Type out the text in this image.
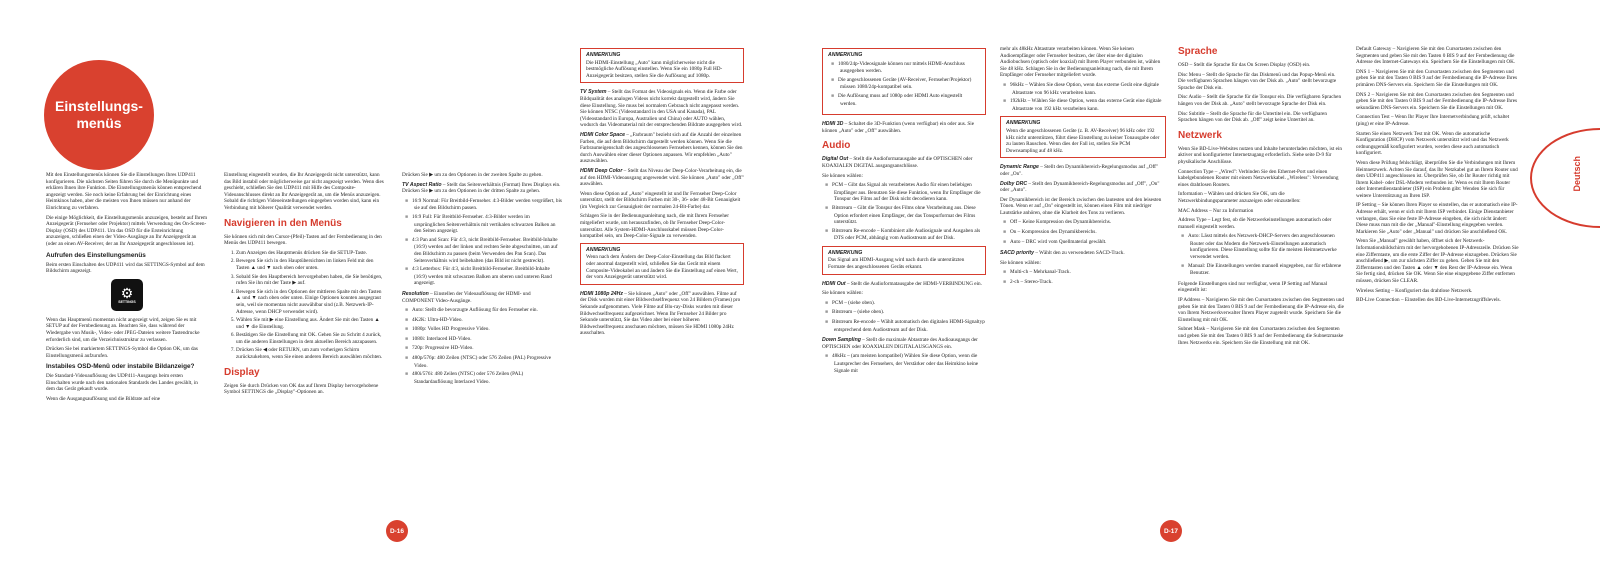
Einstellungs-
menüs

Mit den Einstellungsmenüs können Sie die Einstellungen Ihres UDP411 konfigurieren. Die nächsten Seiten führen Sie durch die Menüpunkte und erklären Ihnen ihre Funktion. Die Einstellungsmenüs können entsprechend angezeigt werden. Sie noch keine Erfahrung bei der Einrichtung eines Heimkinos haben, aber die meisten von Ihnen müssen nur anhand der Einrichtung zu verfahren.

Die einige Möglichkeit, die Einstellungsmenüs anzuzeigen, besteht auf Ihrem Anzeigegerät (Fernseher oder Projektor) mittels Verwendung des On-Screen-Display (OSD) des UDP411. Um das OSD für die Ersteinrichtung anzuzeigen, schließen einen der Video-Ausgänge an Ihr Anzeigegerät an (oder an einen AV-Receiver, der an Ihr Anzeigegerät angeschlossen ist).

Aufrufen des Einstellungsmenüs

Beim ersten Einschalten des UDP411 wird das SETTINGS-Symbol auf dem Bildschirm angezeigt.

⚙
SETTINGS

Wenn das Hauptmenü momentan nicht angezeigt wird, zeigen Sie es mit SETUP auf der Fernbedienung an. Beachten Sie, dass während der Wiedergabe von Musik-, Video- oder JPEG-Dateien weitere Tastendrucke erforderlich sind, um die Verzeichnisstruktur zu verlassen.

Drücken Sie bei markiertem SETTINGS-Symbol die Option OK, um das Einstellungsmenü aufzurufen.

Instabiles OSD-Menü oder instabile Bildanzeige?

Die Standard-Videoauflösung des UDP411-Ausgangs beim ersten Einschalten wurde nach den nationalen Standards des Landes gewählt, in dem das Gerät gekauft wurde.

Wenn die Ausgangsauflösung und die Bildrate auf eine

Einstellung eingestellt wurden, die Ihr Anzeigegerät nicht unterstützt, kann das Bild instabil oder möglicherweise gar nicht angezeigt werden. Wenn dies geschieht, schließen Sie den UDP411 mit Hilfe des Composite-Videoanschlusses direkt an Ihr Anzeigegerät an, um die Menüs anzuzeigen. Sobald die richtigen Videoeinstellungen eingegeben worden sind, kann ein Verbindung mit höherer Qualität verwendet werden.

Navigieren in den Menüs

Sie können sich mit den Cursor-(Pfeil)-Tasten auf der Fernbedienung in den Menüs des UDP411 bewegen.

1. Zum Anzeigen des Hauptmenüs drücken Sie die SETUP-Taste.
2. Bewegen Sie sich in den Hauptübersichten im linken Feld mit den Tasten ▲ und ▼ nach oben oder unten.
3. Sobald Sie den Hauptbereich hervorgehoben haben, die Sie benötigen, rufen Sie ihn mit der Taste ▶ auf.
4. Bewegen Sie sich in den Optionen der mittleren Spalte mit den Tasten ▲ und ▼ nach oben oder unten. Einige Optionen konnten ausgegraut sein, weil sie momentan nicht auswählbar sind (z.B. Netzwerk-IP-Adresse, wenn DHCP verwendet wird).
5. Wählen Sie mit ▶ eine Einstellung aus. Ändert Sie mit den Tasten ▲ und ▼ die Einstellung.
6. Bestätigen Sie die Einstellung mit OK. Gehen Sie zu Schritt 4 zurück, um die anderen Einstellungen in dem aktuellen Bereich anzupassen.
7. Drücken Sie ◀ oder RETURN, um zum vorherigen Schirm zurückzukehren, wenn Sie einen anderen Bereich auswählen möchten.
Display

Zeigen Sie durch Drücken von OK das auf Ihrem Display hervorgehobene Symbol SETTINGS die „Display"-Optionen an.

Drücken Sie ▶ um zu den Optionen in der zweiten Spalte zu gehen.

TV Aspect Ratio – Stellt das Seitenverhältnis (Format) Ihres Displays ein. Drücken Sie ▶ um zu den Optionen in der dritten Spalte zu gehen.

■ 16:9 Normal: Für Breitbild-Fernseher. 4:3-Bilder werden vergrößert, bis sie auf den Bildschirm passen.
■ 16:9 Full: Für Breitbild-Fernseher. 4:3-Bilder werden im ursprünglichen Seitenverhältnis mit vertikalen schwarzen Balken an den Seiten angezeigt.
■ 4:3 Pan and Scan: Für 4:3, nicht Breitbild-Fernseher. Breitbild-Inhalte (16:9) werden auf der linken und rechten Seite abgeschnitten, um auf den Bildschirm zu passen (beim Verwenden des Pan Scan). Das Seitenverhältnis wird beibehalten (das Bild ist nicht gestreckt).
■ 4:3 Letterbox: Für 4:3, nicht Breitbild-Fernseher. Breitbild-Inhalte (16:9) werden mit schwarzen Balken am oberen und unteren Rand angezeigt.

Resolution – Einstellen der Videoauflösung der HDMI- und COMPONENT Video-Ausgänge.

■ Auto: Stellt die bevorzugte Auflösung für den Fernseher ein.
■ 4K2K: Ultra-HD-Video.
■ 1080p: Volles HD Progressive Video.
■ 1080i: Interlaced HD-Video.
■ 720p: Progressive HD-Video.
■ 480p/576p: 480 Zeilen (NTSC) oder 576 Zeilen (PAL) Progressive Video.
■ 480i/576i: 480 Zeilen (NTSC) oder 576 Zeilen (PAL) Standardauflösung Interlaced Video.
ANMERKUNG
Die HDMI-Einstellung „Auto" kann möglicherweise nicht die bestmögliche Auflösung einstellen. Wenn Sie ein 1080p Full HD-Anzeigegerät besitzen, stellen Sie die Auflösung auf 1080p.

TV System – Stellt das Format des Videosignals ein. Wenn die Farbe oder Bildqualität des analogen Videos nicht korrekt dargestellt wird, ändern Sie diese Einstellung. Sie muss bei normalem Gebrauch nicht angepasst werden. Sie können NTSC (Videostandard in den USA und Kanada), PAL (Videostandard in Europa, Australien und China) oder AUTO wählen, wodurch das Videomaterial mit der entsprechenden Bildrate ausgegeben wird.

HDMI Color Space – „Farbraum" bezieht sich auf die Anzahl der einzelnen Farben, die auf dem Bildschirm dargestellt werden können. Wenn Sie die Farbraumeigenschaft des angeschlossenen Fernsehers kennen, können Sie den durch Auswählen einer dieser Optionen anpassen. Wir empfehlen „Auto" auszuwählen.

HDMI Deep Color – Stellt das Niveau der Deep-Color-Verarbeitung ein, die auf den HDMI-Videoausgang angewendet wird. Sie können „Auto" oder „Off" auswählen.

Wenn diese Option auf „Auto" eingestellt ist und Ihr Fernseher Deep-Color unterstützt, stellt der Bildschirm Farben mit 30-, 36- oder 48-Bit Genauigkeit (im Vergleich zur Genauigkeit der normalen 24-Bit-Farbe) dar.

Schlagen Sie in der Bedienungsanleitung nach, die mit Ihrem Fernseher mitgeliefert wurde, um herauszufinden, ob Ihr Fernseher Deep-Color-unterstützt. Alle System-HDMI-Anschlusskabel müssen Deep-Color-kompatibel sein, um Deep-Color-Signale zu verwenden.

ANMERKUNG
Wenn nach dem Ändern der Deep-Color-Einstellung das Bild flackert oder anormal dargestellt wird, schließen Sie das Gerät mit einem Composite-Videokabel an und ändern Sie die Einstellung auf einen Wert, der vom Anzeigegerät unterstützt wird.

HDMI 1080p 24Hz – Sie können „Auto" oder „Off" auswählen. Filme auf der Disk wurden mit einer Bildwechselfrequenz von 24 Bildern (Frames) pro Sekunde aufgenommen. Viele Filme auf Blu-ray-Disks wurden mit dieser Bildwechselfrequenz aufgezeichnet. Wenn Ihr Fernseher 24 Bilder pro Sekunde unterstützt, Sie das Video aber bei einer höheren Bildwechselfrequenz anschauen möchten, müssen Sie HDMI 1080p 24Hz ausschalten.

D-16
ANMERKUNG
■ 1080/24p-Videosignale können nur mittels HDMI-Anschluss ausgegeben werden.
■ Die angeschlossenen Geräte (AV-Receiver, Fernseher/Projektor) müssen 1080/24p-kompatibel sein.
■ Die Auflösung muss auf 1080p oder HDMI Auto eingestellt werden.

HDMI 3D – Schaltet die 3D-Funktion (wenn verfügbar) ein oder aus. Sie können „Auto" oder „Off" auswählen.

Audio

Digital Out – Stellt die Audioformatausgabe auf die OPTISCHEN oder KOAXIALEN DIGITAL ausgangsanschlüsse.

Sie können wählen:

■ PCM – Gibt das Signal als verarbeitetes Audio für einen beliebigen Empfänger aus. Benutzen Sie diese Funktion, wenn Ihr Empfänger die Tonspur des Films auf der Disk nicht decodieren kann.
■ Bitstream – Gibt die Tonspur des Films ohne Verarbeitung aus. Diese Option erfordert einen Empfänger, der das Tonspurformat des Films unterstützt.
■ Bitstream Re-encode – Kombiniert alle Audiosignale und Ausgaben als DTS oder PCM, abhängig vom Audiostream auf der Disk.
ANMERKUNG
Das Signal am HDMI-Ausgang wird nach durch die unterstützten Formate des angeschlossenen Geräts erkannt.

HDMI Out – Stellt die Audioformatausgabe der HDMI-VERBINDUNG ein.

Sie können wählen:

■ PCM – (siehe oben).
■ Bitstream – (siehe oben).
■ Bitstream Re-encode – Wählt automatisch den digitalen HDMI-Signaltyp entsprechend dem Audiostream auf der Disk.

Down Sampling – Stellt die maximale Abtastrate des Audioausgangs der OPTISCHEN oder KOAXIALEN DIGITALAUSGANGS ein.

■ 48kHz – (am meisten kompatibel) Wählen Sie diese Option, wenn die Lautsprecher des Fernsehers, der Verstärker oder das Heimkino keine Signale mit

mehr als 48kHz Abtastrate verarbeiten können. Wenn Sie keinen Audioempfänger oder Fernseher besitzen, der über eine der digitalen Audiobuchsen (optisch oder koaxial) mit Ihrem Player verbunden ist, wählen Sie 48 kHz. Schlagen Sie in der Bedienungsanleitung nach, die mit Ihrem Empfänger oder Fernseher mitgeliefert wurde.

■ 96kHz – Wählen Sie diese Option, wenn das externe Gerät eine digitale Abtastrate von 96 kHz verarbeiten kann.
■ 192kHz – Wählen Sie diese Option, wenn das externe Gerät eine digitale Abtastrate von 192 kHz verarbeiten kann.
ANMERKUNG
Wenn die angeschlossenen Geräte (z. B. AV-Receiver) 96 kHz oder 192 kHz nicht unterstützen, führt diese Einstellung zu keiner Tonausgabe oder zu lauten Rauschen. Wenn dies der Fall ist, stellen Sie PCM Downsampling auf 48 kHz.

Dynamic Range – Stellt den Dynamikbereich-Regelungsmodus auf „Off" oder „On".

Dolby DRC – Stellt den Dynamikbereich-Regelungsmodus auf „Off", „On" oder „Auto".

Der Dynamikbereich ist der Bereich zwischen den lautesten und den leisesten Tönen. Wenn er auf „On" eingestellt ist, können einen Film mit niedriger Lautstärke anhören, ohne die Klarheit des Tons zu verlieren.

■ Off – Keine Kompression des Dynamikbereichs.
■ On – Kompression des Dynamikbereichs.
■ Auto – DRC wird vom Quellmaterial gewählt.

SACD priority – Wählt den zu verwendeten SACD-Track.

Sie können wählen:

■ Multi-ch – Mehrkanal-Track.
■ 2-ch – Stereo-Track.
Sprache

OSD – Stellt die Sprache für das On Screen Display (OSD) ein.

Disc Menu – Stellt die Sprache für das Diskmenü und das Popup-Menü ein. Die verfügbaren Sprachen hängen von der Disk ab. „Auto" stellt bevorzugte Sprache der Disk ein.

Disc Audio – Stellt die Sprache für die Tonspur ein. Die verfügbaren Sprachen hängen von der Disk ab. „Auto" stellt bevorzugte Sprache der Disk ein.

Disc Subtitle – Stellt die Sprache für die Untertitel ein. Die verfügbaren Sprachen hängen von der Disk ab. „Off" zeigt keine Untertitel an.

Netzwerk

Wenn Sie BD-Live-Websites nutzen und Inhalte herunterladen möchten, ist ein aktiver und konfigurierter Internetzugang erforderlich. Siehe seite D-9 für physikalische Anschlüsse.

Connection Type – „Wired": Verbinden Sie den Ethernet-Port und einen kabelgebundenen Router mit einem Netzwerkkabel. „Wireless": Verwendung eines drahtlosen Routers.

Information – Wählen und drücken Sie OK, um die Netzwerkbindungsparameter anzuzeigen oder einzustellen:

MAC Address – Nur zu Information

Address Type – Legt fest, ob die Netzwerkeinstellungen automatisch oder manuell eingestellt werden.

■ Auto: Lässt mittels des Netzwerk-DHCP-Servers den angeschlossenen Router oder das Modem die Netzwerk-Einstellungen automatisch konfigurieren. Diese Einstellung sollte für die meisten Heimnetzwerke verwendet werden.
■ Manual: Die Einstellungen werden manuell eingegeben, nur für erfahrene Benutzer.

Folgende Einstellungen sind nur verfügbar, wenn IP Setting auf Manual eingestellt ist:

IP Address – Navigieren Sie mit den Cursortasten zwischen den Segmenten und geben Sie mit den Tasten 0 BIS 9 auf der Fernbedienung die IP-Adresse ein, die von Ihrem Netzwerkverwalter Ihrem Player zugeteilt wurde. Speichern Sie die Einstellung mit mit OK.

Subnet Mask – Navigieren Sie mit den Cursortasten zwischen den Segmenten und geben Sie mit den Tasten 0 BIS 9 auf der Fernbedienung die Subnetzmaske Ihres Netzwerks ein. Speichern Sie die Einstellung mit mit OK.

Default Gateway – Navigieren Sie mit den Cursortasten zwischen den Segmenten und geben Sie mit den Tasten 0 BIS 9 auf der Fernbedienung die Adresse des Internet-Gateways ein. Speichern Sie die Einstellungen mit OK.

DNS 1 – Navigieren Sie mit den Cursortasten zwischen den Segmenten und geben Sie mit den Tasten 0 BIS 9 auf der Fernbedienung die IP-Adresse Ihres primären DNS-Servers ein. Speichern Sie die Einstellungen mit OK.

DNS 2 – Navigieren Sie mit den Cursortasten zwischen den Segmenten und geben Sie mit den Tasten 0 BIS 9 auf der Fernbedienung die IP-Adresse Ihres sekundären DNS-Servers ein. Speichern Sie die Einstellungen mit OK.

Connection Test – Wenn Ihr Player Ihre Internetverbindung prüft, schaltet (ping) er eine IP-Adresse.

Starten Sie einen Netzwerk Test mit OK. Wenn die automatische Konfiguration (DHCP) vom Netzwerk unterstützt wird und das Netzwerk ordnungsgemäß konfiguriert wurden, werden diese auch automatisch konfiguriert.

Wenn diese Prüfung fehlschlägt, überprüfen Sie die Verbindungen mit Ihrem Heimnetzwerk. Achten Sie darauf, das Ihr Netzkabel gut an Ihrem Router und dem UDP411 angeschlossen ist. Überprüfen Sie, ob Ihr Router richtig mit Ihrem Kabel- oder DSL-Modem verbunden ist. Wenn es mit Ihrem Router oder Internetdienstanbieter (ISP) ein Problem gibt: Wenden Sie sich für weitere Unterstützung an Ihren ISP.

IP Setting – Sie können Ihren Player so einstellen, das er automatisch eine IP-Adresse erhält, wenn er sich mit Ihrem ISP verbindet. Einige Dienstanbieter verlangen, dass Sie eine feste IP-Adresse eingeben, die sich nicht ändert: Diese muss man mit die der „Manual"-Einstellung eingegeben werden. Markieren Sie „Auto" oder „Manual" und drücken Sie anschließend OK.

Wenn Sie „Manual" gewählt haben, öffnet sich der Netzwerk-Informationsbildschirm mit der hervorgehobenen IP-Adresszeile. Drücken Sie eine Zifferntaste, um die erste Ziffer der IP-Adresse einzugeben. Drücken Sie anschließend ▶, um zur nächsten Ziffer zu gehen. Geben Sie mit den Zifferntasten und den Tasten ▲ oder ▼ den Rest der IP-Adresse ein. Wenn Sie fertig sind, drücken Sie OK. Wenn Sie eine eingegebene Ziffer entfernen müssen, drücken Sie CLEAR.

Wireless Setting – Konfiguriert das drahtlose Netzwerk.

BD-Live Connection – Einstellen des BD-Live-Internetzugriffslevels.

Deutsch
D-17
